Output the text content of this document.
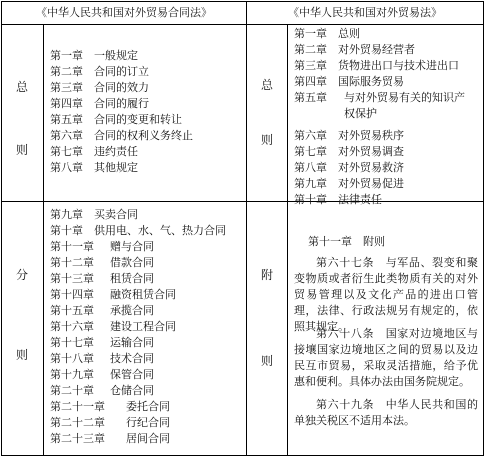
《中华人民共和国对外贸易合同法》	《中华人民共和国对外贸易法》
总
则
第一章 一般规定
第二章 合同的订立
第三章 合同的效力
第四章 合同的履行
第五章 合同的变更和转让
第六章 合同的权利义务终止
第七章 违约责任
第八章 其他规定
分
则
第九章 买卖合同
第十章 供用电、水、气、热力合同
第十一章 赠与合同
第十二章 借款合同
第十三章 租赁合同
第十四章 融资租赁合同
第十五章 承揽合同
第十六章 建设工程合同
第十七章 运输合同
第十八章 技术合同
第十九章 保管合同
第二十章 仓储合同
第二十一章 委托合同
第二十二章 行纪合同
第二十三章 居间合同
总
则
第一章 总则
第二章 对外贸易经营者
第三章 货物进出口与技术进出口
第四章 国际服务贸易
第五章 与对外贸易有关的知识产
权保护
第六章 对外贸易秩序
第七章 对外贸易调查
第八章 对外贸易救济
第九章 对外贸易促进
第十章 法律责任
附
则
第十一章　附则

第六十七条　与军品、裂变和聚变物质或者衍生此类物质有关的对外贸易管理以及文化产品的进出口管理，法律、行政法规另有规定的，依照其规定。

第六十八条　国家对边境地区与接壤国家边境地区之间的贸易以及边民互市贸易，采取灵活措施，给予优惠和便利。具体办法由国务院规定。

第六十九条　中华人民共和国的单独关税区不适用本法。
